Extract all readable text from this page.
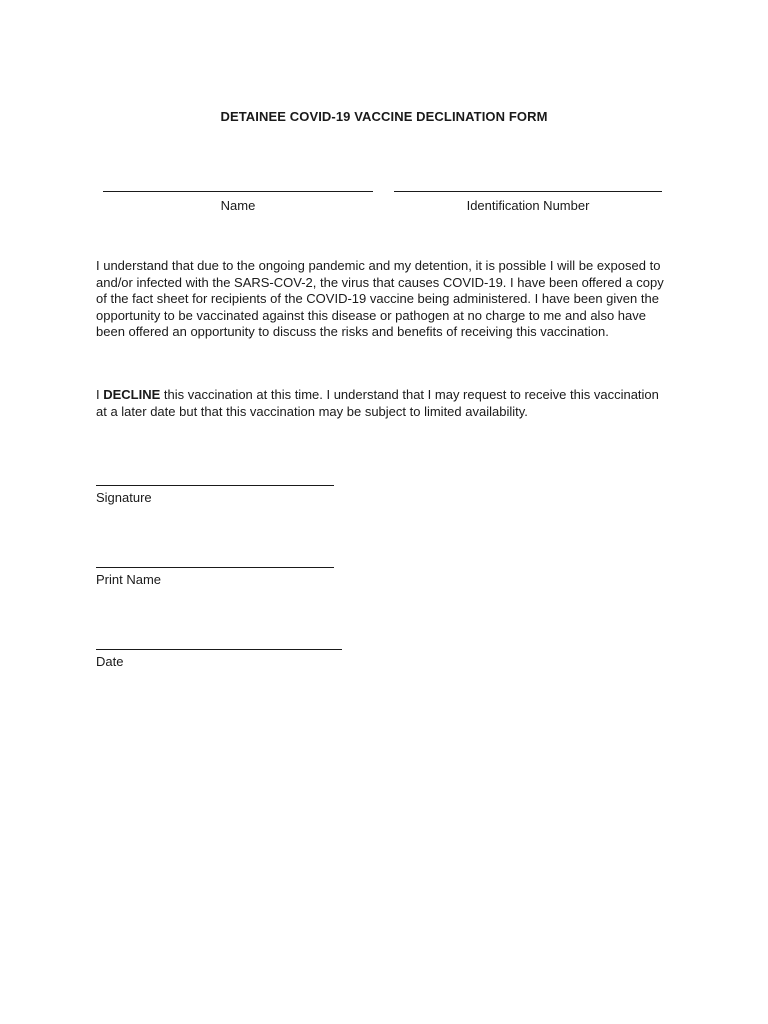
DETAINEE COVID-19 VACCINE DECLINATION FORM
Name	Identification Number

I understand that due to the ongoing pandemic and my detention, it is possible I will be exposed to and/or infected with the SARS-COV-2, the virus that causes COVID-19. I have been offered a copy of the fact sheet for recipients of the COVID-19 vaccine being administered. I have been given the opportunity to be vaccinated against this disease or pathogen at no charge to me and also have been offered an opportunity to discuss the risks and benefits of receiving this vaccination.

I DECLINE this vaccination at this time. I understand that I may request to receive this vaccination at a later date but that this vaccination may be subject to limited availability.

Signature
Print Name
Date
